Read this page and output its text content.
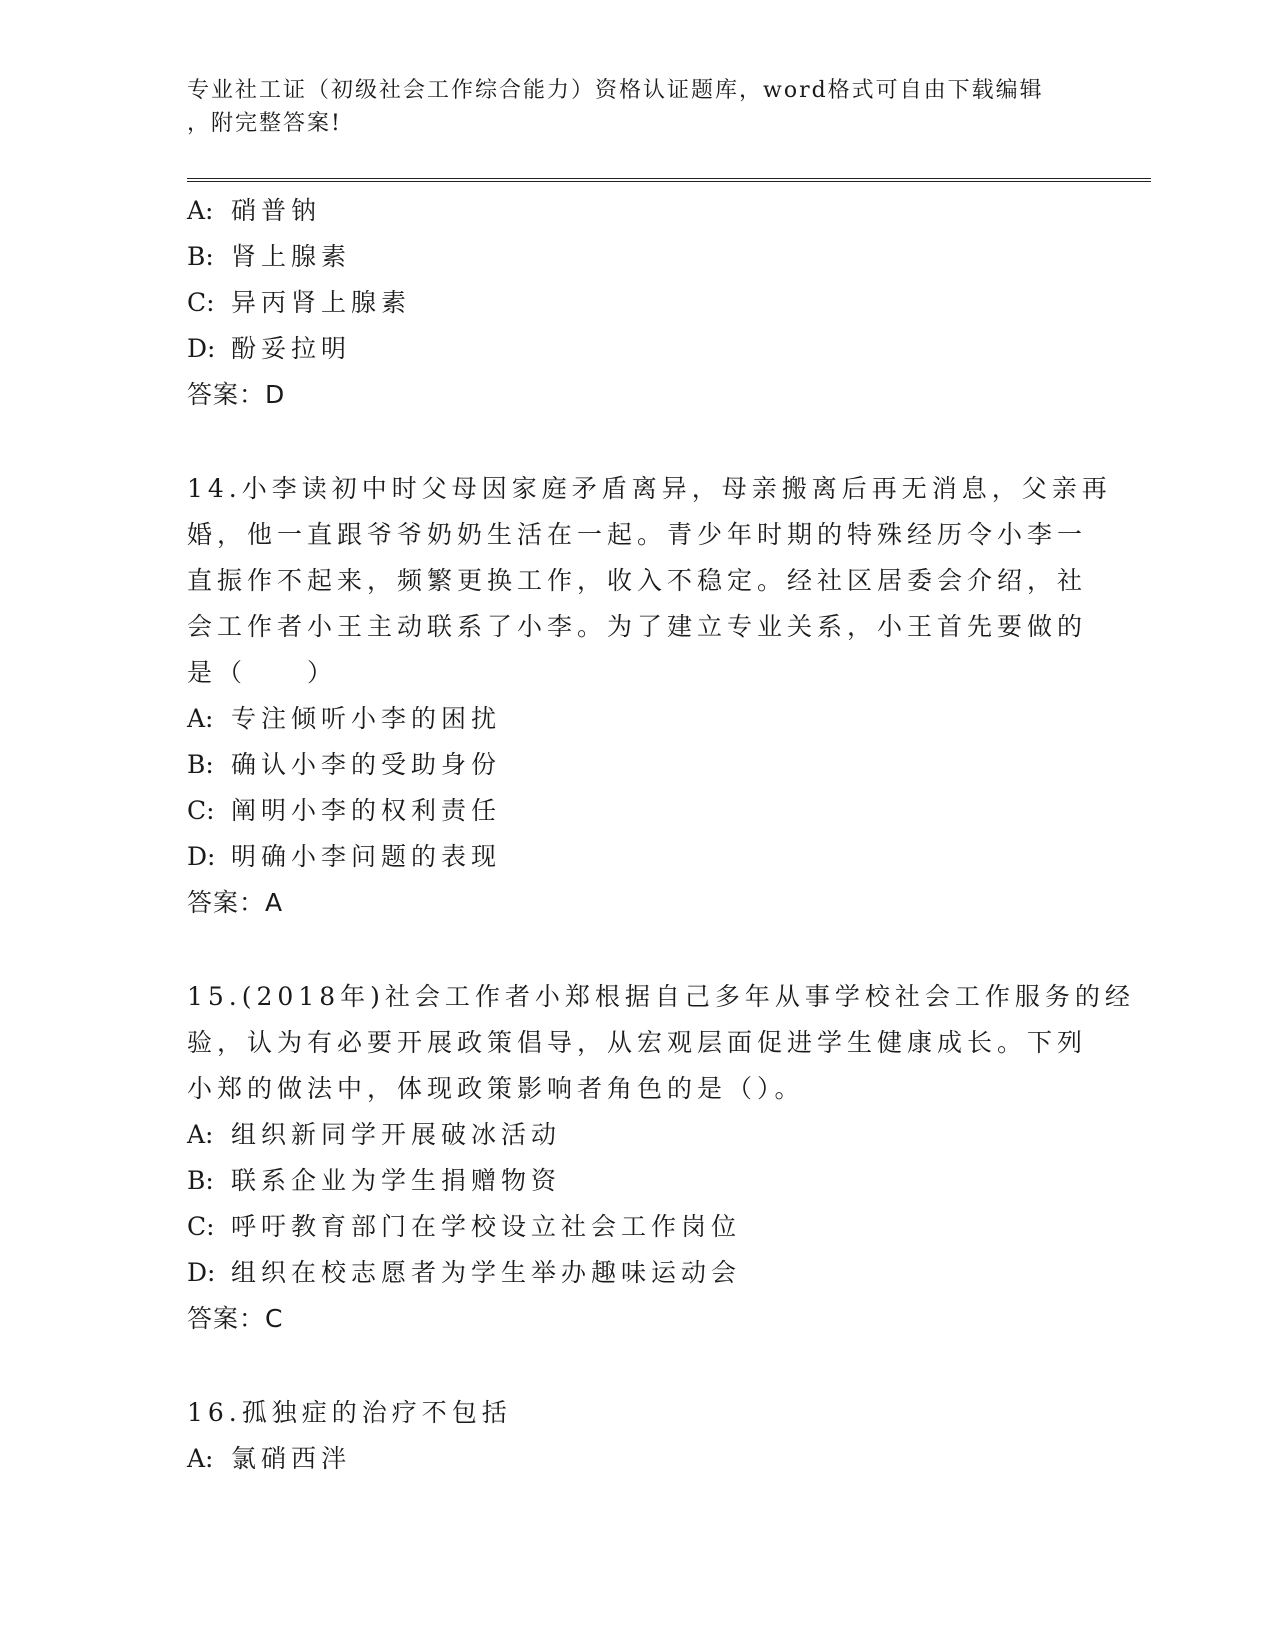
专业社工证（初级社会工作综合能力）资格认证题库，word格式可自由下载编辑
，附完整答案!
A: 硝普钠
B: 肾上腺素
C: 异丙肾上腺素
D: 酚妥拉明
答案：D
14.小李读初中时父母因家庭矛盾离异，母亲搬离后再无消息，父亲再
婚，他一直跟爷爷奶奶生活在一起。青少年时期的特殊经历令小李一
直振作不起来，频繁更换工作，收入不稳定。经社区居委会介绍，社
会工作者小王主动联系了小李。为了建立专业关系，小王首先要做的
是（　　）
A: 专注倾听小李的困扰
B: 确认小李的受助身份
C: 阐明小李的权利责任
D: 明确小李问题的表现
答案：A
15.(2018年)社会工作者小郑根据自己多年从事学校社会工作服务的经
验，认为有必要开展政策倡导，从宏观层面促进学生健康成长。下列
小郑的做法中，体现政策影响者角色的是（）。
A: 组织新同学开展破冰活动
B: 联系企业为学生捐赠物资
C: 呼吁教育部门在学校设立社会工作岗位
D: 组织在校志愿者为学生举办趣味运动会
答案：C
16.孤独症的治疗不包括
A: 氯硝西泮
